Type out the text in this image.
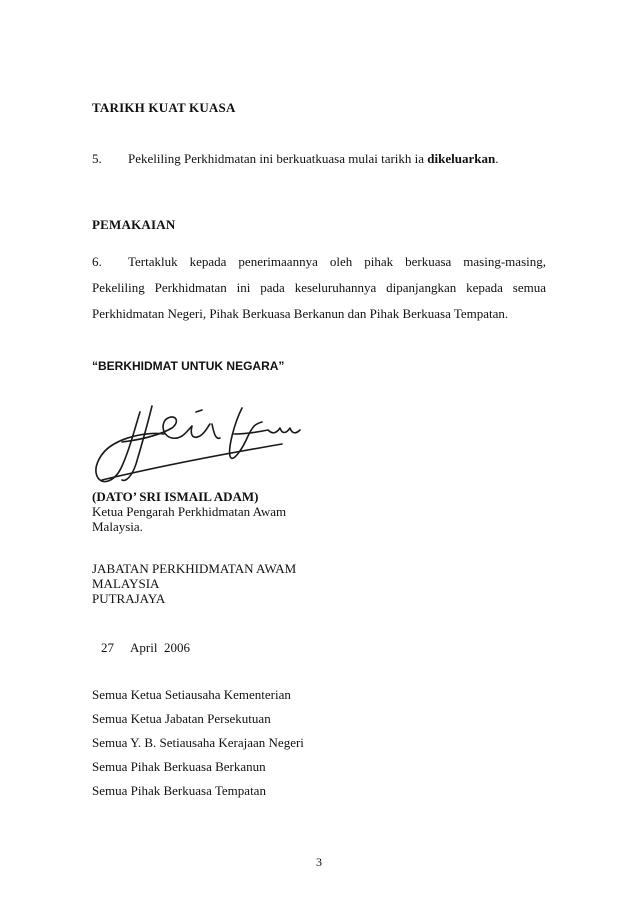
TARIKH KUAT KUASA
5. Pekeliling Perkhidmatan ini berkuatkuasa mulai tarikh ia dikeluarkan.
PEMAKAIAN
6. Tertakluk kepada penerimaannya oleh pihak berkuasa masing-masing, Pekeliling Perkhidmatan ini pada keseluruhannya dipanjangkan kepada semua Perkhidmatan Negeri, Pihak Berkuasa Berkanun dan Pihak Berkuasa Tempatan.
“BERKHIDMAT UNTUK NEGARA”
(DATO’ SRI ISMAIL ADAM)
Ketua Pengarah Perkhidmatan Awam
Malaysia.
JABATAN PERKHIDMATAN AWAM
MALAYSIA
PUTRAJAYA
27 April  2006
Semua Ketua Setiausaha Kementerian
Semua Ketua Jabatan Persekutuan
Semua Y. B. Setiausaha Kerajaan Negeri
Semua Pihak Berkuasa Berkanun
Semua Pihak Berkuasa Tempatan
3
